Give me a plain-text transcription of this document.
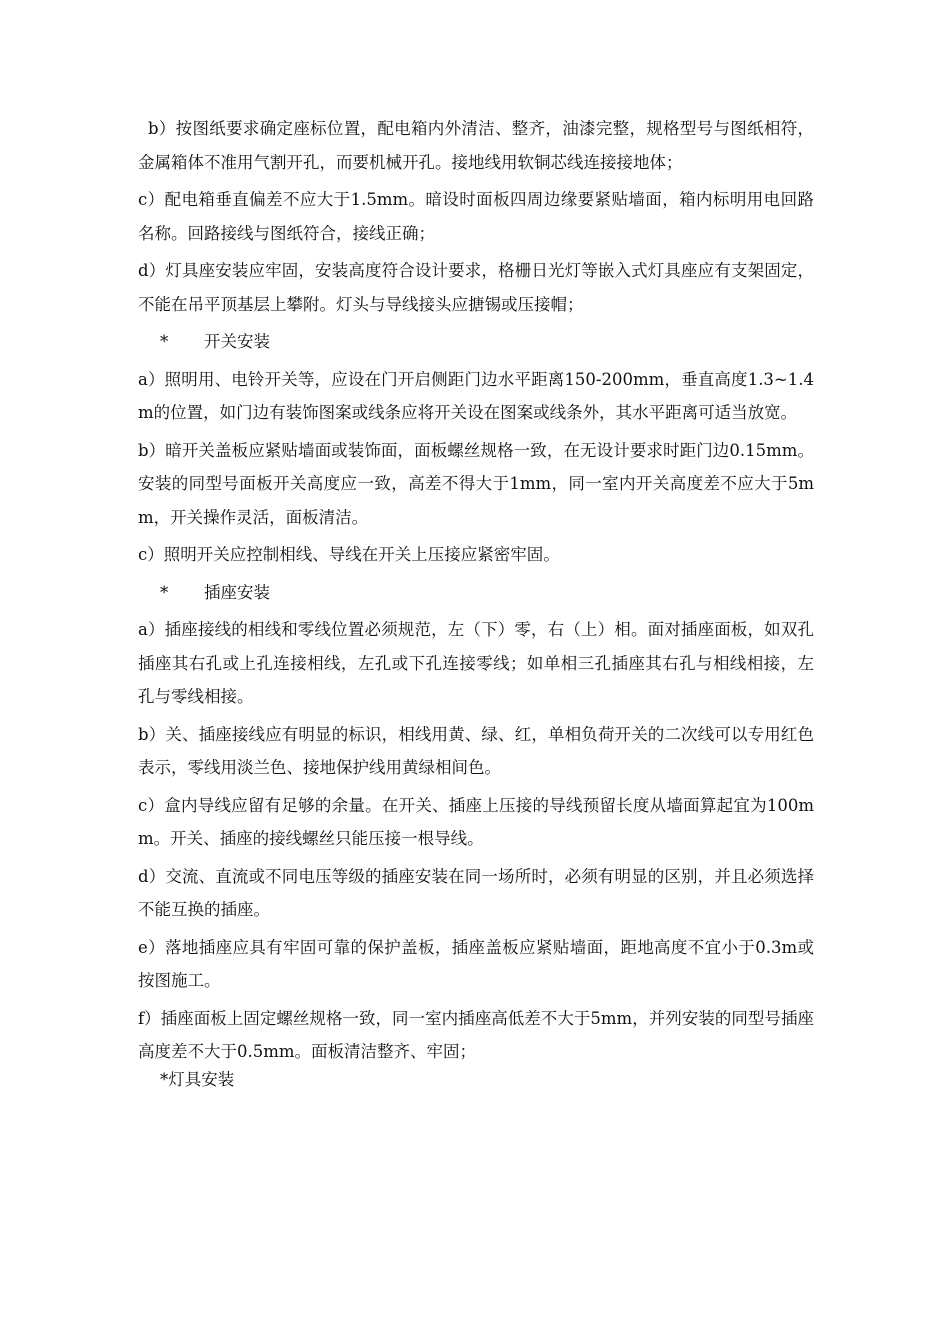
b）按图纸要求确定座标位置，配电箱内外清洁、整齐，油漆完整，规格型号与图纸相符，金属箱体不准用气割开孔，而要机械开孔。接地线用软铜芯线连接接地体；

c）配电箱垂直偏差不应大于1.5mm。暗设时面板四周边缘要紧贴墙面，箱内标明用电回路名称。回路接线与图纸符合，接线正确；

d）灯具座安装应牢固，安装高度符合设计要求，格栅日光灯等嵌入式灯具座应有支架固定，不能在吊平顶基层上攀附。灯头与导线接头应搪锡或压接帽；

* 开关安装

a）照明用、电铃开关等，应设在门开启侧距门边水平距离150-200mm，垂直高度1.3~1.4m的位置，如门边有装饰图案或线条应将开关设在图案或线条外，其水平距离可适当放宽。

b）暗开关盖板应紧贴墙面或装饰面，面板螺丝规格一致，在无设计要求时距门边0.15mm。安装的同型号面板开关高度应一致，高差不得大于1mm，同一室内开关高度差不应大于5mm，开关操作灵活，面板清洁。

c）照明开关应控制相线、导线在开关上压接应紧密牢固。

* 插座安装

a）插座接线的相线和零线位置必须规范，左（下）零，右（上）相。面对插座面板，如双孔插座其右孔或上孔连接相线，左孔或下孔连接零线；如单相三孔插座其右孔与相线相接，左孔与零线相接。

b）关、插座接线应有明显的标识，相线用黄、绿、红，单相负荷开关的二次线可以专用红色表示，零线用淡兰色、接地保护线用黄绿相间色。

c）盒内导线应留有足够的余量。在开关、插座上压接的导线预留长度从墙面算起宜为100mm。开关、插座的接线螺丝只能压接一根导线。

d）交流、直流或不同电压等级的插座安装在同一场所时，必须有明显的区别，并且必须选择不能互换的插座。

e）落地插座应具有牢固可靠的保护盖板，插座盖板应紧贴墙面，距地高度不宜小于0.3m或按图施工。

f）插座面板上固定螺丝规格一致，同一室内插座高低差不大于5mm，并列安装的同型号插座高度差不大于0.5mm。面板清洁整齐、牢固；

*灯具安装
